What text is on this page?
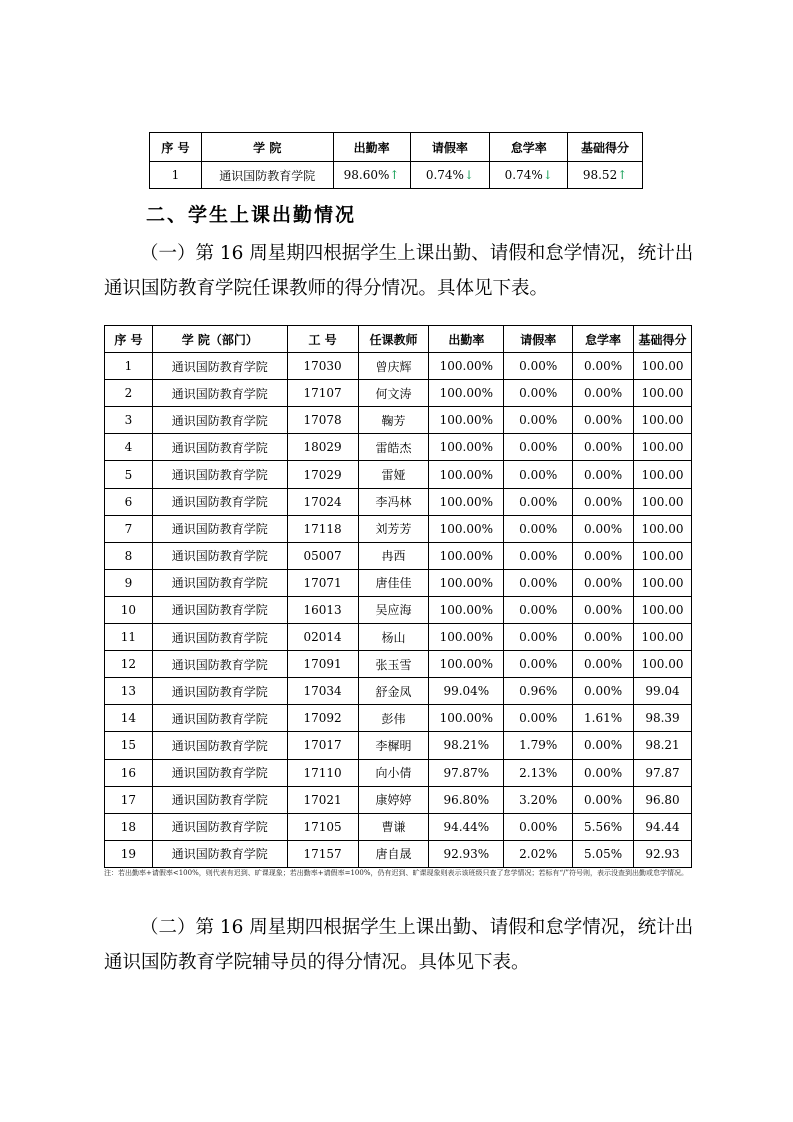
序 号	学 院	出勤率	请假率	怠学率	基础得分
1	通识国防教育学院	98.60%↑	0.74%↓	0.74%↓	98.52↑
二、学生上课出勤情况
（一）第 16 周星期四根据学生上课出勤、请假和怠学情况，统计出通识国防教育学院任课教师的得分情况。具体见下表。
序 号	学 院（部门）	工 号	任课教师	出勤率	请假率	怠学率	基础得分
1	通识国防教育学院	17030	曾庆辉	100.00%	0.00%	0.00%	100.00
2	通识国防教育学院	17107	何文涛	100.00%	0.00%	0.00%	100.00
3	通识国防教育学院	17078	鞠芳	100.00%	0.00%	0.00%	100.00
4	通识国防教育学院	18029	雷皓杰	100.00%	0.00%	0.00%	100.00
5	通识国防教育学院	17029	雷娅	100.00%	0.00%	0.00%	100.00
6	通识国防教育学院	17024	李冯林	100.00%	0.00%	0.00%	100.00
7	通识国防教育学院	17118	刘芳芳	100.00%	0.00%	0.00%	100.00
8	通识国防教育学院	05007	冉西	100.00%	0.00%	0.00%	100.00
9	通识国防教育学院	17071	唐佳佳	100.00%	0.00%	0.00%	100.00
10	通识国防教育学院	16013	吴应海	100.00%	0.00%	0.00%	100.00
11	通识国防教育学院	02014	杨山	100.00%	0.00%	0.00%	100.00
12	通识国防教育学院	17091	张玉雪	100.00%	0.00%	0.00%	100.00
13	通识国防教育学院	17034	舒金凤	99.04%	0.96%	0.00%	99.04
14	通识国防教育学院	17092	彭伟	100.00%	0.00%	1.61%	98.39
15	通识国防教育学院	17017	李樨明	98.21%	1.79%	0.00%	98.21
16	通识国防教育学院	17110	向小倩	97.87%	2.13%	0.00%	97.87
17	通识国防教育学院	17021	康婷婷	96.80%	3.20%	0.00%	96.80
18	通识国防教育学院	17105	曹谦	94.44%	0.00%	5.56%	94.44
19	通识国防教育学院	17157	唐自晟	92.93%	2.02%	5.05%	92.93
注：若出勤率+请假率<100%，则代表有迟到、旷课现象；若出勤率+请假率=100%，仍有迟到、旷课现象则表示该班级只查了怠学情况；若标有“/”符号则，表示没查到出勤或怠学情况。
（二）第 16 周星期四根据学生上课出勤、请假和怠学情况，统计出通识国防教育学院辅导员的得分情况。具体见下表。
